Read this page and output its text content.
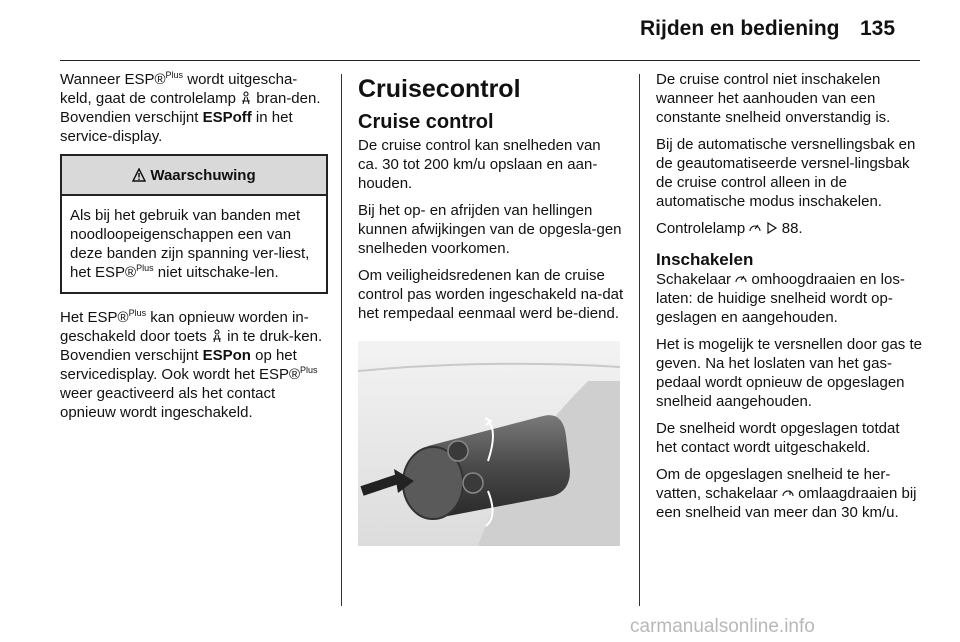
Rijden en bediening 135

Wanneer ESP®$^{Plus}$ wordt uitgescha-keld, gaat de controlelamp  bran-den. Bovendien verschijnt ESPoff in het service-display.

Waarschuwing
Als bij het gebruik van banden met noodloopeigenschappen een van deze banden zijn spanning ver-liest, het ESP®$^{Plus}$ niet uitschake-len.

Het ESP®$^{Plus}$ kan opnieuw worden in-geschakeld door toets  in te druk-ken. Bovendien verschijnt ESPon op het servicedisplay. Ook wordt het ESP®$^{Plus}$ weer geactiveerd als het contact opnieuw wordt ingeschakeld.

Cruisecontrol
Cruise control

De cruise control kan snelheden van ca. 30 tot 200 km/u opslaan en aan-houden.

Bij het op- en afrijden van hellingen kunnen afwijkingen van de opgesla-gen snelheden voorkomen.

Om veiligheidsredenen kan de cruise control pas worden ingeschakeld na-dat het rempedaal eenmaal werd be-diend.

De cruise control niet inschakelen wanneer het aanhouden van een constante snelheid onverstandig is.

Bij de automatische versnellingsbak en de geautomatiseerde versnel-lingsbak de cruise control alleen in de automatische modus inschakelen.

Controlelamp   88.

Inschakelen

Schakelaar  omhoogdraaien en los-laten: de huidige snelheid wordt op-geslagen en aangehouden.

Het is mogelijk te versnellen door gas te geven. Na het loslaten van het gas-pedaal wordt opnieuw de opgeslagen snelheid aangehouden.

De snelheid wordt opgeslagen totdat het contact wordt uitgeschakeld.

Om de opgeslagen snelheid te her-vatten, schakelaar  omlaagdraaien bij een snelheid van meer dan 30 km/u.

carmanualsonline.info
